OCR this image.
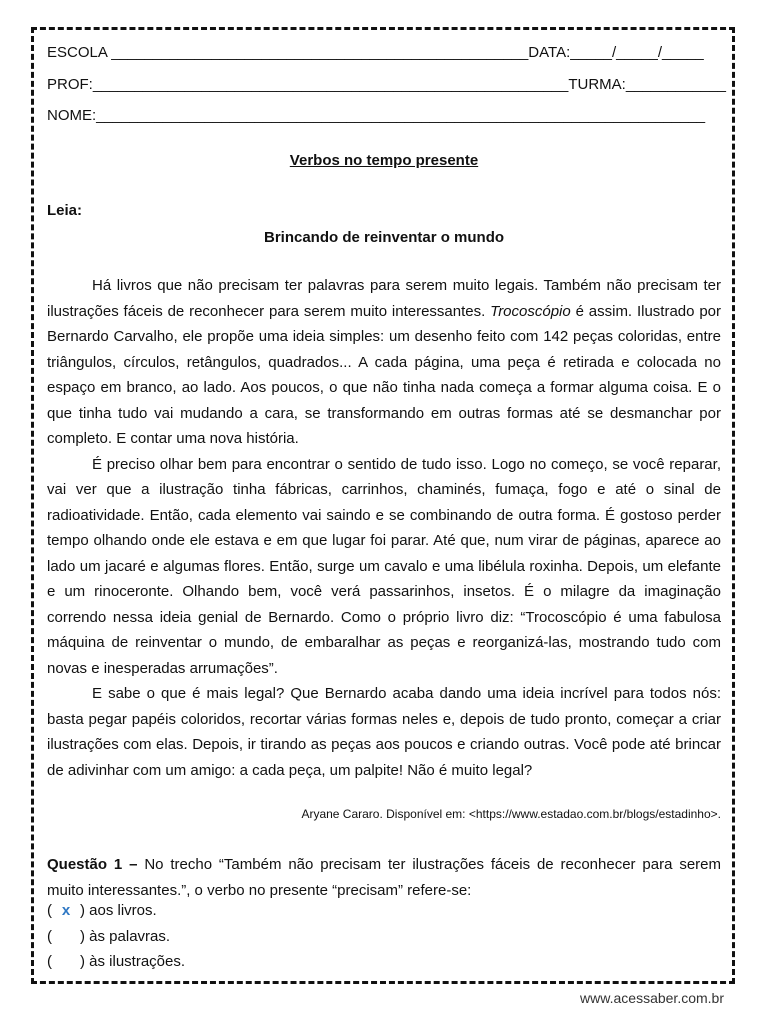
ESCOLA __________________________________________________DATA:_____/_____/_____
PROF:_________________________________________________________TURMA:____________
NOME:_________________________________________________________________________
Verbos no tempo presente
Leia:
Brincando de reinventar o mundo

Há livros que não precisam ter palavras para serem muito legais. Também não precisam ter ilustrações fáceis de reconhecer para serem muito interessantes. Trocoscópio é assim. Ilustrado por Bernardo Carvalho, ele propõe uma ideia simples: um desenho feito com 142 peças coloridas, entre triângulos, círculos, retângulos, quadrados... A cada página, uma peça é retirada e colocada no espaço em branco, ao lado. Aos poucos, o que não tinha nada começa a formar alguma coisa. E o que tinha tudo vai mudando a cara, se transformando em outras formas até se desmanchar por completo. E contar uma nova história.

É preciso olhar bem para encontrar o sentido de tudo isso. Logo no começo, se você reparar, vai ver que a ilustração tinha fábricas, carrinhos, chaminés, fumaça, fogo e até o sinal de radioatividade. Então, cada elemento vai saindo e se combinando de outra forma. É gostoso perder tempo olhando onde ele estava e em que lugar foi parar. Até que, num virar de páginas, aparece ao lado um jacaré e algumas flores. Então, surge um cavalo e uma libélula roxinha. Depois, um elefante e um rinoceronte. Olhando bem, você verá passarinhos, insetos. É o milagre da imaginação correndo nessa ideia genial de Bernardo. Como o próprio livro diz: “Trocoscópio é uma fabulosa máquina de reinventar o mundo, de embaralhar as peças e reorganizá-las, mostrando tudo com novas e inesperadas arrumações”.

E sabe o que é mais legal? Que Bernardo acaba dando uma ideia incrível para todos nós: basta pegar papéis coloridos, recortar várias formas neles e, depois de tudo pronto, começar a criar ilustrações com elas. Depois, ir tirando as peças aos poucos e criando outras. Você pode até brincar de adivinhar com um amigo: a cada peça, um palpite! Não é muito legal?

Aryane Cararo. Disponível em: <https://www.estadao.com.br/blogs/estadinho>.
Questão 1 – No trecho “Também não precisam ter ilustrações fáceis de reconhecer para serem muito interessantes.”, o verbo no presente “precisam” refere-se:
( x ) aos livros.
( ) às palavras.
( ) às ilustrações.
www.acessaber.com.br
